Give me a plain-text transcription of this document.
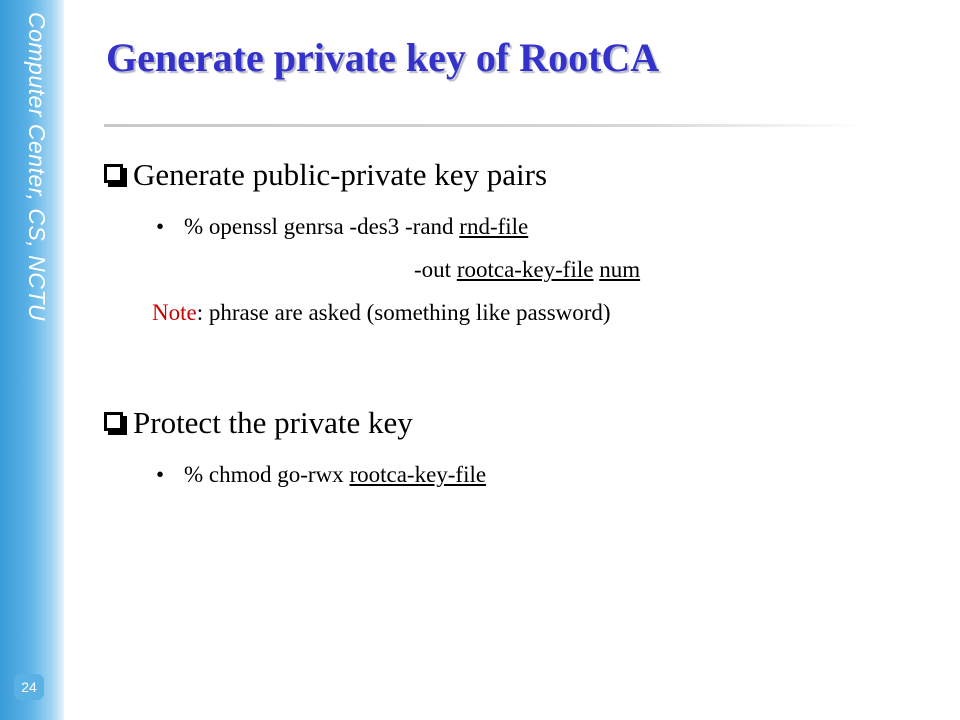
Computer Center, CS, NCTU
24
Generate private key of RootCA
Generate public-private key pairs
• % openssl genrsa -des3 -rand rnd-file
-out rootca-key-file num
Note: phrase are asked (something like password)
Protect the private key
• % chmod go-rwx rootca-key-file
